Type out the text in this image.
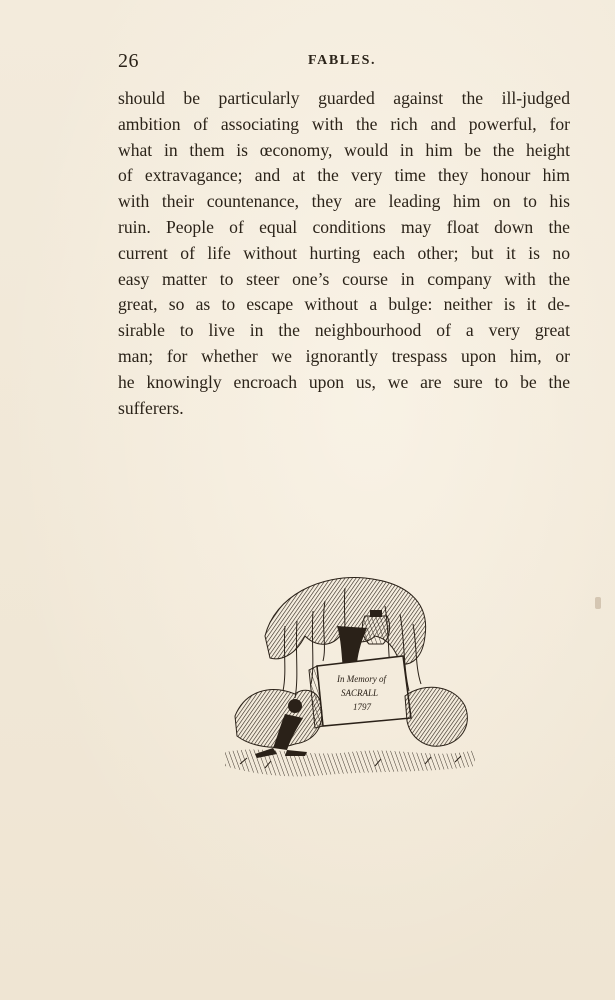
26	FABLES.
should be particularly guarded against the ill-judged
ambition of associating with the rich and powerful, for
what in them is œconomy, would in him be the height
of extravagance; and at the very time they honour him
with their countenance, they are leading him on to his
ruin. People of equal conditions may float down the
current of life without hurting each other; but it is no
easy matter to steer one’s course in company with the
great, so as to escape without a bulge: neither is it de-
sirable to live in the neighbourhood of a very great
man; for whether we ignorantly trespass upon him, or
he knowingly encroach upon us, we are sure to be the
sufferers.
In Memory of
SACRALL
1797
